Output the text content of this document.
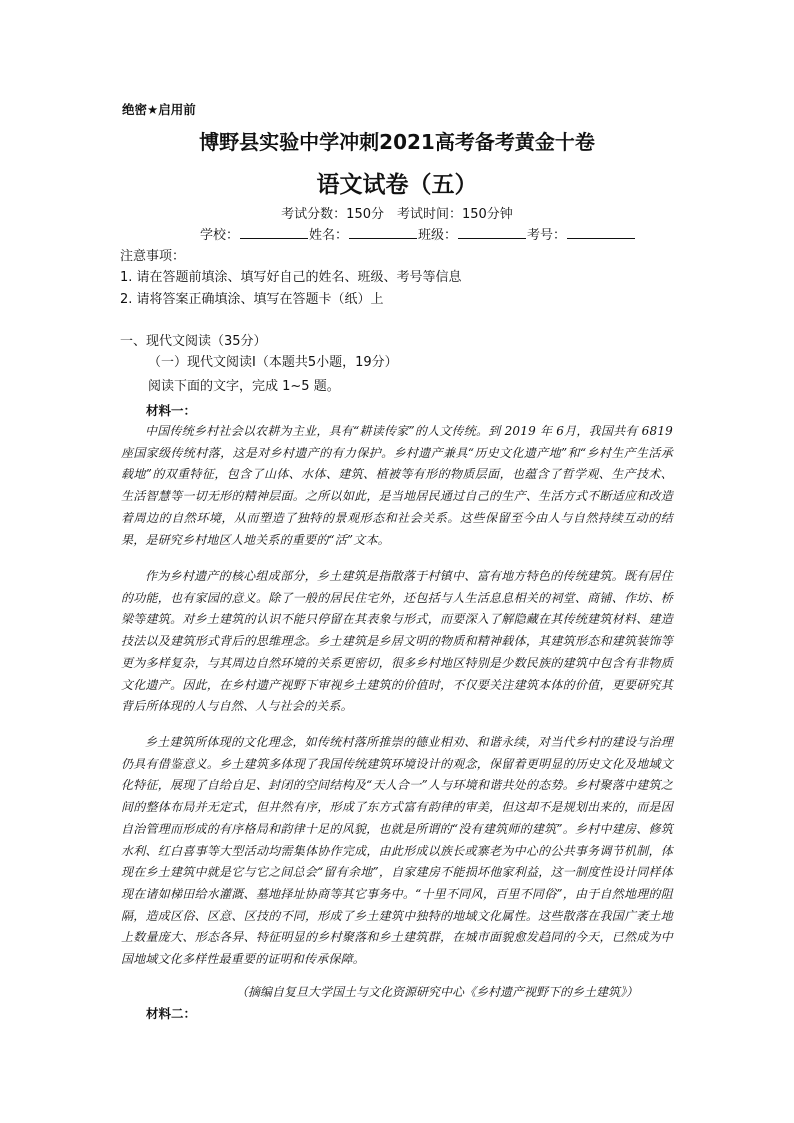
绝密★启用前
博野县实验中学冲刺2021高考备考黄金十卷
语文试卷（五）
考试分数：150分　考试时间：150分钟
学校：	姓名：	班级：	考号：
注意事项：
1. 请在答题前填涂、填写好自己的姓名、班级、考号等信息
2. 请将答案正确填涂、填写在答题卡（纸）上
一、现代文阅读（35分）
（一）现代文阅读Ⅰ（本题共5小题，19分）
阅读下面的文字，完成 1~5 题。
材料一：

中国传统乡村社会以农耕为主业，具有“耕读传家”的人文传统。到 2019 年 6月，我国共有 6819 座国家级传统村落，这是对乡村遗产的有力保护。乡村遗产兼具“历史文化遗产地”和“乡村生产生活承载地”的双重特征，包含了山体、水体、建筑、植被等有形的物质层面，也蕴含了哲学观、生产技术、生活智慧等一切无形的精神层面。之所以如此，是当地居民通过自己的生产、生活方式不断适应和改造着周边的自然环境，从而塑造了独特的景观形态和社会关系。这些保留至今由人与自然持续互动的结果，是研究乡村地区人地关系的重要的“活”文本。

作为乡村遗产的核心组成部分，乡土建筑是指散落于村镇中、富有地方特色的传统建筑。既有居住的功能，也有家园的意义。除了一般的居民住宅外，还包括与人生活息息相关的祠堂、商铺、作坊、桥梁等建筑。对乡土建筑的认识不能只停留在其表象与形式，而要深入了解隐藏在其传统建筑材料、建造技法以及建筑形式背后的思维理念。乡土建筑是乡居文明的物质和精神载体，其建筑形态和建筑装饰等更为多样复杂，与其周边自然环境的关系更密切，很多乡村地区特别是少数民族的建筑中包含有非物质文化遗产。因此，在乡村遗产视野下审视乡土建筑的价值时，不仅要关注建筑本体的价值，更要研究其背后所体现的人与自然、人与社会的关系。

乡土建筑所体现的文化理念，如传统村落所推崇的德业相劝、和谐永续，对当代乡村的建设与治理仍具有借鉴意义。乡土建筑多体现了我国传统建筑环境设计的观念，保留着更明显的历史文化及地域文化特征，展现了自给自足、封闭的空间结构及“天人合一”人与环境和谐共处的态势。乡村聚落中建筑之间的整体布局并无定式，但井然有序，形成了东方式富有韵律的审美，但这却不是规划出来的，而是因自治管理而形成的有序格局和韵律十足的风貌，也就是所谓的“没有建筑师的建筑”。乡村中建房、修筑水利、红白喜事等大型活动均需集体协作完成，由此形成以族长或寨老为中心的公共事务调节机制，体现在乡土建筑中就是它与它之间总会“留有余地”，自家建房不能损坏他家利益，这一制度性设计同样体现在诸如梯田给水灌溉、墓地择址协商等其它事务中。“十里不同风，百里不同俗”，由于自然地理的阻隔，造成区俗、区意、区技的不同，形成了乡土建筑中独特的地域文化属性。这些散落在我国广袤土地上数量庞大、形态各异、特征明显的乡村聚落和乡土建筑群，在城市面貌愈发趋同的今天，已然成为中国地域文化多样性最重要的证明和传承保障。

（摘编自复旦大学国土与文化资源研究中心《乡村遗产视野下的乡土建筑》）
材料二：
